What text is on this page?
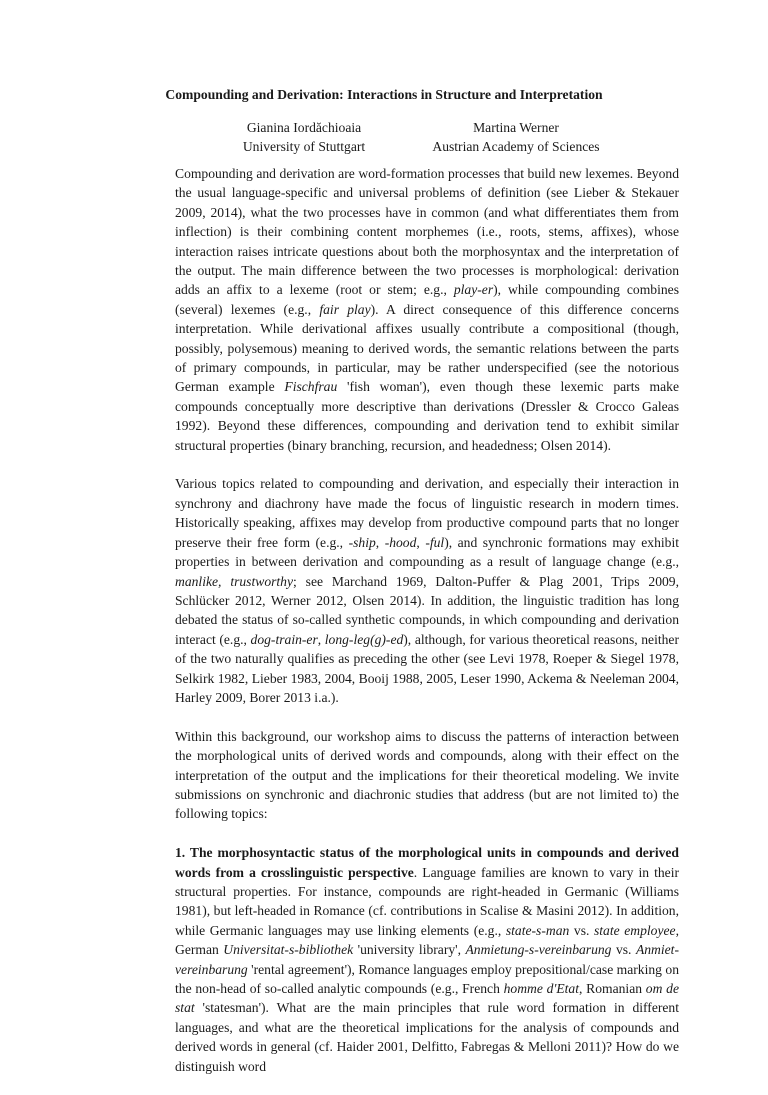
Compounding and Derivation: Interactions in Structure and Interpretation
Gianina Iordăchioaia
University of Stuttgart
Martina Werner
Austrian Academy of Sciences

Compounding and derivation are word-formation processes that build new lexemes. Beyond the usual language-specific and universal problems of definition (see Lieber & Stekauer 2009, 2014), what the two processes have in common (and what differentiates them from inflection) is their combining content morphemes (i.e., roots, stems, affixes), whose interaction raises intricate questions about both the morphosyntax and the interpretation of the output. The main difference between the two processes is morphological: derivation adds an affix to a lexeme (root or stem; e.g., play-er), while compounding combines (several) lexemes (e.g., fair play). A direct consequence of this difference concerns interpretation. While derivational affixes usually contribute a compositional (though, possibly, polysemous) meaning to derived words, the semantic relations between the parts of primary compounds, in particular, may be rather underspecified (see the notorious German example Fischfrau 'fish woman'), even though these lexemic parts make compounds conceptually more descriptive than derivations (Dressler & Crocco Galeas 1992). Beyond these differences, compounding and derivation tend to exhibit similar structural properties (binary branching, recursion, and headedness; Olsen 2014).

Various topics related to compounding and derivation, and especially their interaction in synchrony and diachrony have made the focus of linguistic research in modern times. Historically speaking, affixes may develop from productive compound parts that no longer preserve their free form (e.g., -ship, -hood, -ful), and synchronic formations may exhibit properties in between derivation and compounding as a result of language change (e.g., manlike, trustworthy; see Marchand 1969, Dalton-Puffer & Plag 2001, Trips 2009, Schlücker 2012, Werner 2012, Olsen 2014). In addition, the linguistic tradition has long debated the status of so-called synthetic compounds, in which compounding and derivation interact (e.g., dog-train-er, long-leg(g)-ed), although, for various theoretical reasons, neither of the two naturally qualifies as preceding the other (see Levi 1978, Roeper & Siegel 1978, Selkirk 1982, Lieber 1983, 2004, Booij 1988, 2005, Leser 1990, Ackema & Neeleman 2004, Harley 2009, Borer 2013 i.a.).

Within this background, our workshop aims to discuss the patterns of interaction between the morphological units of derived words and compounds, along with their effect on the interpretation of the output and the implications for their theoretical modeling. We invite submissions on synchronic and diachronic studies that address (but are not limited to) the following topics:

1. The morphosyntactic status of the morphological units in compounds and derived words from a crosslinguistic perspective. Language families are known to vary in their structural properties. For instance, compounds are right-headed in Germanic (Williams 1981), but left-headed in Romance (cf. contributions in Scalise & Masini 2012). In addition, while Germanic languages may use linking elements (e.g., state-s-man vs. state employee, German Universitat-s-bibliothek 'university library', Anmietung-s-vereinbarung vs. Anmiet-vereinbarung 'rental agreement'), Romance languages employ prepositional/case marking on the non-head of so-called analytic compounds (e.g., French homme d'Etat, Romanian om de stat 'statesman'). What are the main principles that rule word formation in different languages, and what are the theoretical implications for the analysis of compounds and derived words in general (cf. Haider 2001, Delfitto, Fabregas & Melloni 2011)? How do we distinguish word
